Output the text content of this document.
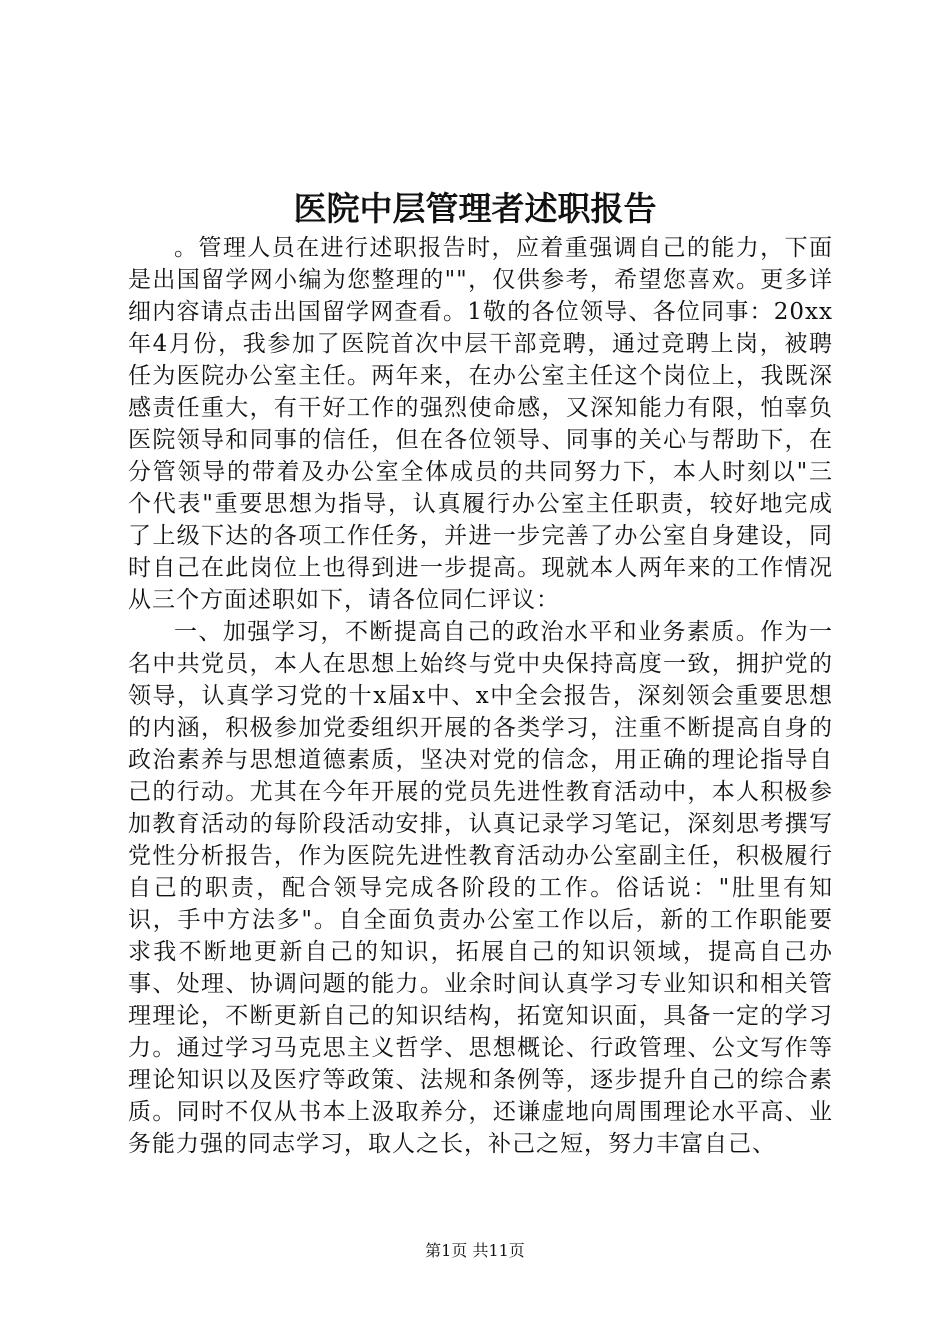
医院中层管理者述职报告

。管理人员在进行述职报告时，应着重强调自己的能力，下面是出国留学网小编为您整理的""，仅供参考，希望您喜欢。更多详细内容请点击出国留学网查看。1敬的各位领导、各位同事：20xx年4月份，我参加了医院首次中层干部竞聘，通过竞聘上岗，被聘任为医院办公室主任。两年来，在办公室主任这个岗位上，我既深感责任重大，有干好工作的强烈使命感，又深知能力有限，怕辜负医院领导和同事的信任，但在各位领导、同事的关心与帮助下，在分管领导的带着及办公室全体成员的共同努力下，本人时刻以"三个代表"重要思想为指导，认真履行办公室主任职责，较好地完成了上级下达的各项工作任务，并进一步完善了办公室自身建设，同时自己在此岗位上也得到进一步提高。现就本人两年来的工作情况从三个方面述职如下，请各位同仁评议：

一、加强学习，不断提高自己的政治水平和业务素质。作为一名中共党员，本人在思想上始终与党中央保持高度一致，拥护党的领导，认真学习党的十x届x中、x中全会报告，深刻领会重要思想的内涵，积极参加党委组织开展的各类学习，注重不断提高自身的政治素养与思想道德素质，坚决对党的信念，用正确的理论指导自己的行动。尤其在今年开展的党员先进性教育活动中，本人积极参加教育活动的每阶段活动安排，认真记录学习笔记，深刻思考撰写党性分析报告，作为医院先进性教育活动办公室副主任，积极履行自己的职责，配合领导完成各阶段的工作。俗话说："肚里有知识，手中方法多"。自全面负责办公室工作以后，新的工作职能要求我不断地更新自己的知识，拓展自己的知识领域，提高自己办事、处理、协调问题的能力。业余时间认真学习专业知识和相关管理理论，不断更新自己的知识结构，拓宽知识面，具备一定的学习力。通过学习马克思主义哲学、思想概论、行政管理、公文写作等理论知识以及医疗等政策、法规和条例等，逐步提升自己的综合素质。同时不仅从书本上汲取养分，还谦虚地向周围理论水平高、业务能力强的同志学习，取人之长，补己之短，努力丰富自己、

第1页 共11页
